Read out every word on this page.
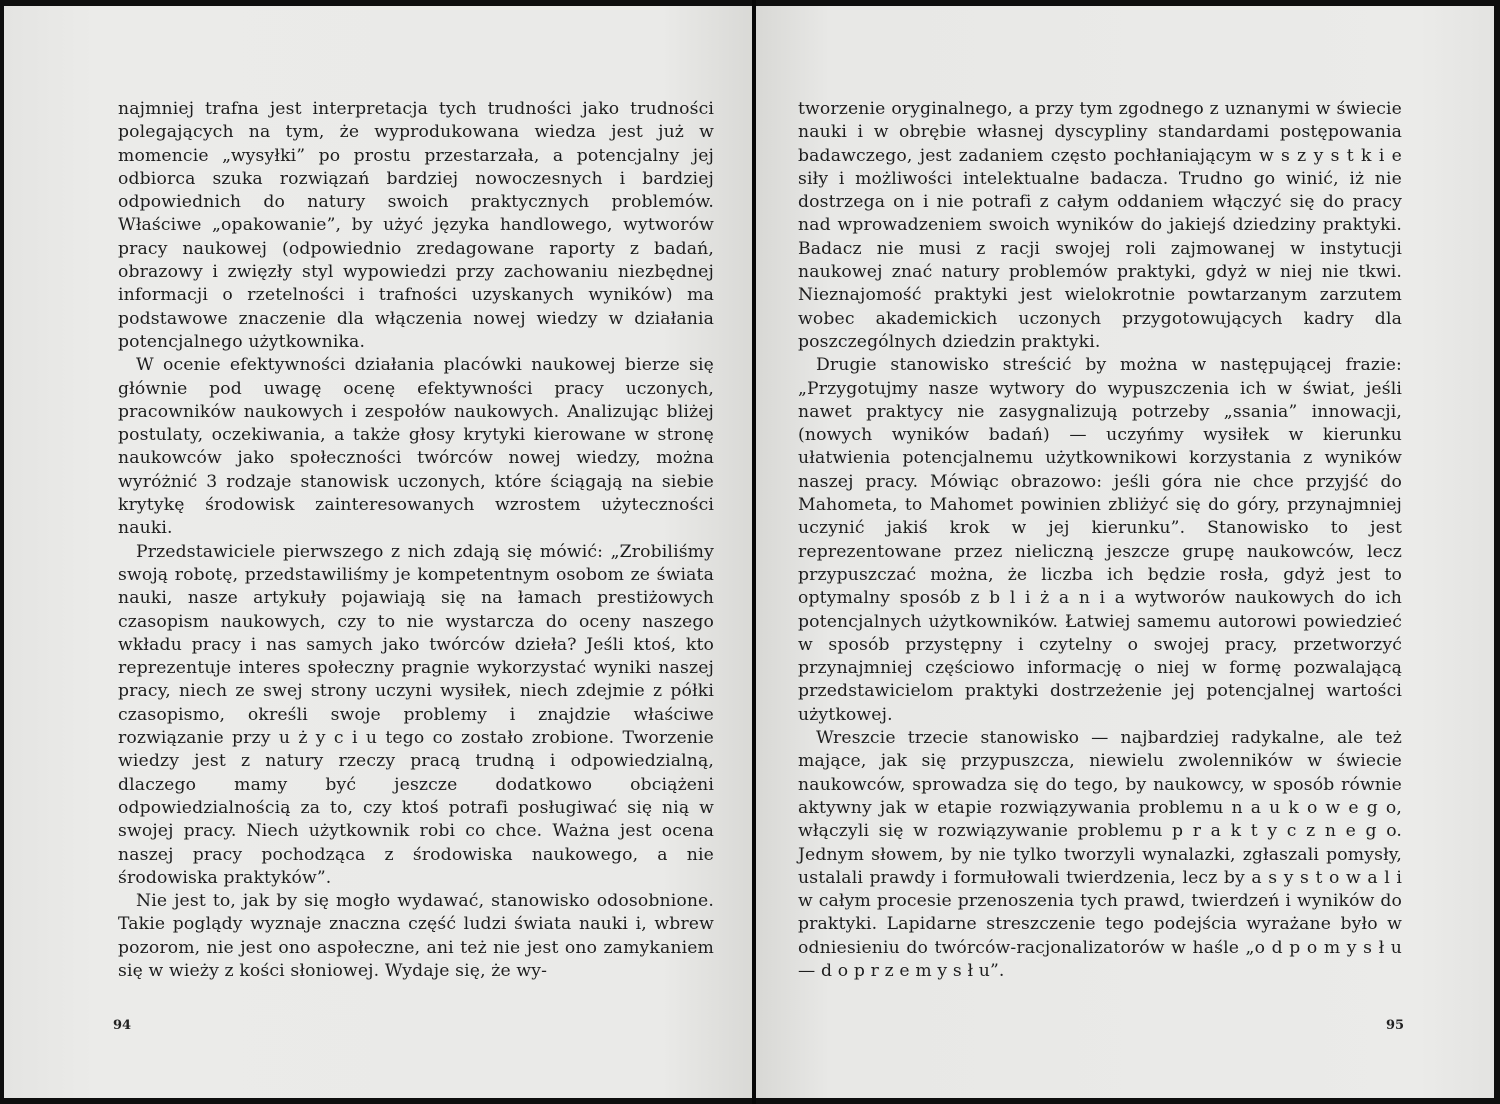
najmniej trafna jest interpretacja tych trudności jako trudności polegających na tym, że wyprodukowana wiedza jest już w momencie „wysyłki” po prostu przestarzała, a potencjalny jej odbiorca szuka rozwiązań bardziej nowoczesnych i bardziej odpowiednich do natury swoich praktycznych problemów. Właściwe „opakowanie”, by użyć języka handlowego, wytworów pracy naukowej (odpowiednio zredagowane raporty z badań, obrazowy i zwięzły styl wypowiedzi przy zachowaniu niezbędnej informacji o rzetelności i trafności uzyskanych wyników) ma podstawowe znaczenie dla włączenia nowej wiedzy w działania potencjalnego użytkownika.

W ocenie efektywności działania placówki naukowej bierze się głównie pod uwagę ocenę efektywności pracy uczonych, pracowników naukowych i zespołów naukowych. Analizując bliżej postulaty, oczekiwania, a także głosy krytyki kierowane w stronę naukowców jako społeczności twórców nowej wiedzy, można wyróżnić 3 rodzaje stanowisk uczonych, które ściągają na siebie krytykę środowisk zainteresowanych wzrostem użyteczności nauki.

Przedstawiciele pierwszego z nich zdają się mówić: „Zrobiliśmy swoją robotę, przedstawiliśmy je kompetentnym osobom ze świata nauki, nasze artykuły pojawiają się na łamach prestiżowych czasopism naukowych, czy to nie wystarcza do oceny naszego wkładu pracy i nas samych jako twórców dzieła? Jeśli ktoś, kto reprezentuje interes społeczny pragnie wykorzystać wyniki naszej pracy, niech ze swej strony uczyni wysiłek, niech zdejmie z półki czasopismo, określi swoje problemy i znajdzie właściwe rozwiązanie przy u ż y c i u tego co zostało zrobione. Tworzenie wiedzy jest z natury rzeczy pracą trudną i odpowiedzialną, dlaczego mamy być jeszcze dodatkowo obciążeni odpowiedzialnością za to, czy ktoś potrafi posługiwać się nią w swojej pracy. Niech użytkownik robi co chce. Ważna jest ocena naszej pracy pochodząca z środowiska naukowego, a nie środowiska praktyków”.

Nie jest to, jak by się mogło wydawać, stanowisko odosobnione. Takie poglądy wyznaje znaczna część ludzi świata nauki i, wbrew pozorom, nie jest ono aspołeczne, ani też nie jest ono zamykaniem się w wieży z kości słoniowej. Wydaje się, że wy-

94

tworzenie oryginalnego, a przy tym zgodnego z uznanymi w świecie nauki i w obrębie własnej dyscypliny standardami postępowania badawczego, jest zadaniem często pochłaniającym w s z y s t k i e siły i możliwości intelektualne badacza. Trudno go winić, iż nie dostrzega on i nie potrafi z całym oddaniem włączyć się do pracy nad wprowadzeniem swoich wyników do jakiejś dziedziny praktyki. Badacz nie musi z racji swojej roli zajmowanej w instytucji naukowej znać natury problemów praktyki, gdyż w niej nie tkwi. Nieznajomość praktyki jest wielokrotnie powtarzanym zarzutem wobec akademickich uczonych przygotowujących kadry dla poszczególnych dziedzin praktyki.

Drugie stanowisko streścić by można w następującej frazie: „Przygotujmy nasze wytwory do wypuszczenia ich w świat, jeśli nawet praktycy nie zasygnalizują potrzeby „ssania” innowacji, (nowych wyników badań) — uczyńmy wysiłek w kierunku ułatwienia potencjalnemu użytkownikowi korzystania z wyników naszej pracy. Mówiąc obrazowo: jeśli góra nie chce przyjść do Mahometa, to Mahomet powinien zbliżyć się do góry, przynajmniej uczynić jakiś krok w jej kierunku”. Stanowisko to jest reprezentowane przez nieliczną jeszcze grupę naukowców, lecz przypuszczać można, że liczba ich będzie rosła, gdyż jest to optymalny sposób z b l i ż a n i a wytworów naukowych do ich potencjalnych użytkowników. Łatwiej samemu autorowi powiedzieć w sposób przystępny i czytelny o swojej pracy, przetworzyć przynajmniej częściowo informację o niej w formę pozwalającą przedstawicielom praktyki dostrzeżenie jej potencjalnej wartości użytkowej.

Wreszcie trzecie stanowisko — najbardziej radykalne, ale też mające, jak się przypuszcza, niewielu zwolenników w świecie naukowców, sprowadza się do tego, by naukowcy, w sposób równie aktywny jak w etapie rozwiązywania problemu n a u k o w e g o, włączyli się w rozwiązywanie problemu p r a k t y c z n e g o. Jednym słowem, by nie tylko tworzyli wynalazki, zgłaszali pomysły, ustalali prawdy i formułowali twierdzenia, lecz by a s y s t o w a l i w całym procesie przenoszenia tych prawd, twierdzeń i wyników do praktyki. Lapidarne streszczenie tego podejścia wyrażane było w odniesieniu do twórców-racjonalizatorów w haśle „o d p o m y s ł u — d o p r z e m y s ł u”.

95
